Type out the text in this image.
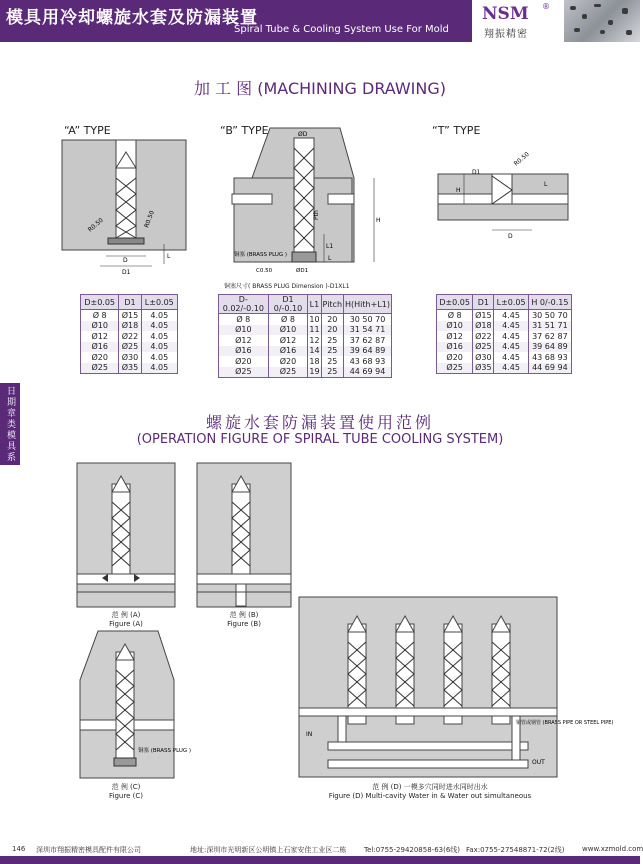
模具用冷却螺旋水套及防漏装置
Spiral Tube & Cooling System Use For Mold
NSM ®
翔振精密
加 工 图 (MACHINING DRAWING)
“A” TYPE	“B” TYPE	“T” TYPE
R0.50	R0.50
D
D1
L
ØD
Pth
H
L1
L
铜塞 (BRASS PLUG )
C0.50	ØD1
铜塞尺寸( BRASS PLUG Dimension )-D1XL1
D1
R0.50
H
L
D
D±0.05	D1	L±0.05
Ø 8	Ø15	4.05
Ø10	Ø18	4.05
Ø12	Ø22	4.05
Ø16	Ø25	4.05
Ø20	Ø30	4.05
Ø25	Ø35	4.05
D-0.02/-0.10	D1 0/-0.10	L1	Pitch	H(Hith+L1)
Ø 8	Ø 8	10	20	30 50 70
Ø10	Ø10	11	20	31 54 71
Ø12	Ø12	12	25	37 62 87
Ø16	Ø16	14	25	39 64 89
Ø20	Ø20	18	25	43 68 93
Ø25	Ø25	19	25	44 69 94
D±0.05	D1	L±0.05	H 0/-0.15
Ø 8	Ø15	4.45	30 50 70
Ø10	Ø18	4.45	31 51 71
Ø12	Ø22	4.45	37 62 87
Ø16	Ø25	4.45	39 64 89
Ø20	Ø30	4.45	43 68 93
Ø25	Ø35	4.45	44 69 94
日期章类模具系
螺旋水套防漏装置使用范例
(OPERATION FIGURE OF SPIRAL TUBE COOLING SYSTEM)
范 例 (A)
Figure (A)
范 例 (B)
Figure (B)
铜塞 (BRASS PLUG )
范 例 (C)
Figure (C)
铜管或钢管 (BRASS PIPE OR STEEL PIPE)
IN
OUT
范 例 (D) 一模多穴同时进水同时出水
Figure (D) Multi-cavity Water in & Water out simultaneous
146 深圳市翔振精密模具配件有限公司	地址:深圳市光明新区公明镇上石家安佳工业区二栋	Tel:0755-29420858-63(6线) Fax:0755-27548871-72(2线)	www.xzmold.com
